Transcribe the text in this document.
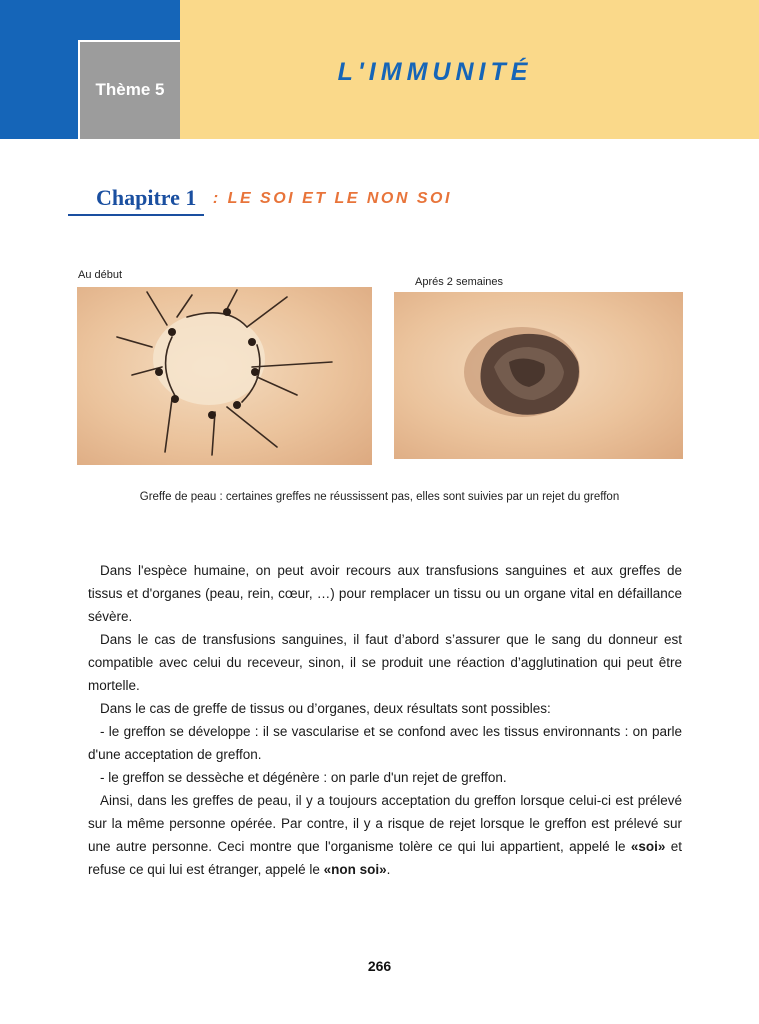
Thème 5
L'IMMUNITÉ
Chapitre 1 : LE SOI ET LE NON SOI
Au début
Aprés 2 semaines
Greffe de peau : certaines greffes ne réussissent pas, elles sont suivies par un rejet du greffon

Dans l'espèce humaine, on peut avoir recours aux transfusions sanguines et aux greffes de tissus et d'organes (peau, rein, cœur, …) pour remplacer un tissu ou un organe vital en défaillance sévère.

Dans le cas de transfusions sanguines, il faut d’abord s’assurer que le sang du donneur est compatible avec celui du receveur, sinon, il se produit une réaction d’agglutination qui peut être mortelle.

Dans le cas de greffe de tissus ou d’organes, deux résultats sont possibles:

- le greffon se développe : il se vascularise et se confond avec les tissus environnants : on parle d'une acceptation de greffon.

- le greffon se dessèche et dégénère : on parle d'un rejet de greffon.

Ainsi, dans les greffes de peau, il y a toujours acceptation du greffon lorsque celui-ci est prélevé sur la même personne opérée. Par contre, il y a risque de rejet lorsque le greffon est prélevé sur une autre personne. Ceci montre que l'organisme tolère ce qui lui appartient, appelé le «soi» et refuse ce qui lui est étranger, appelé le «non soi».

266
